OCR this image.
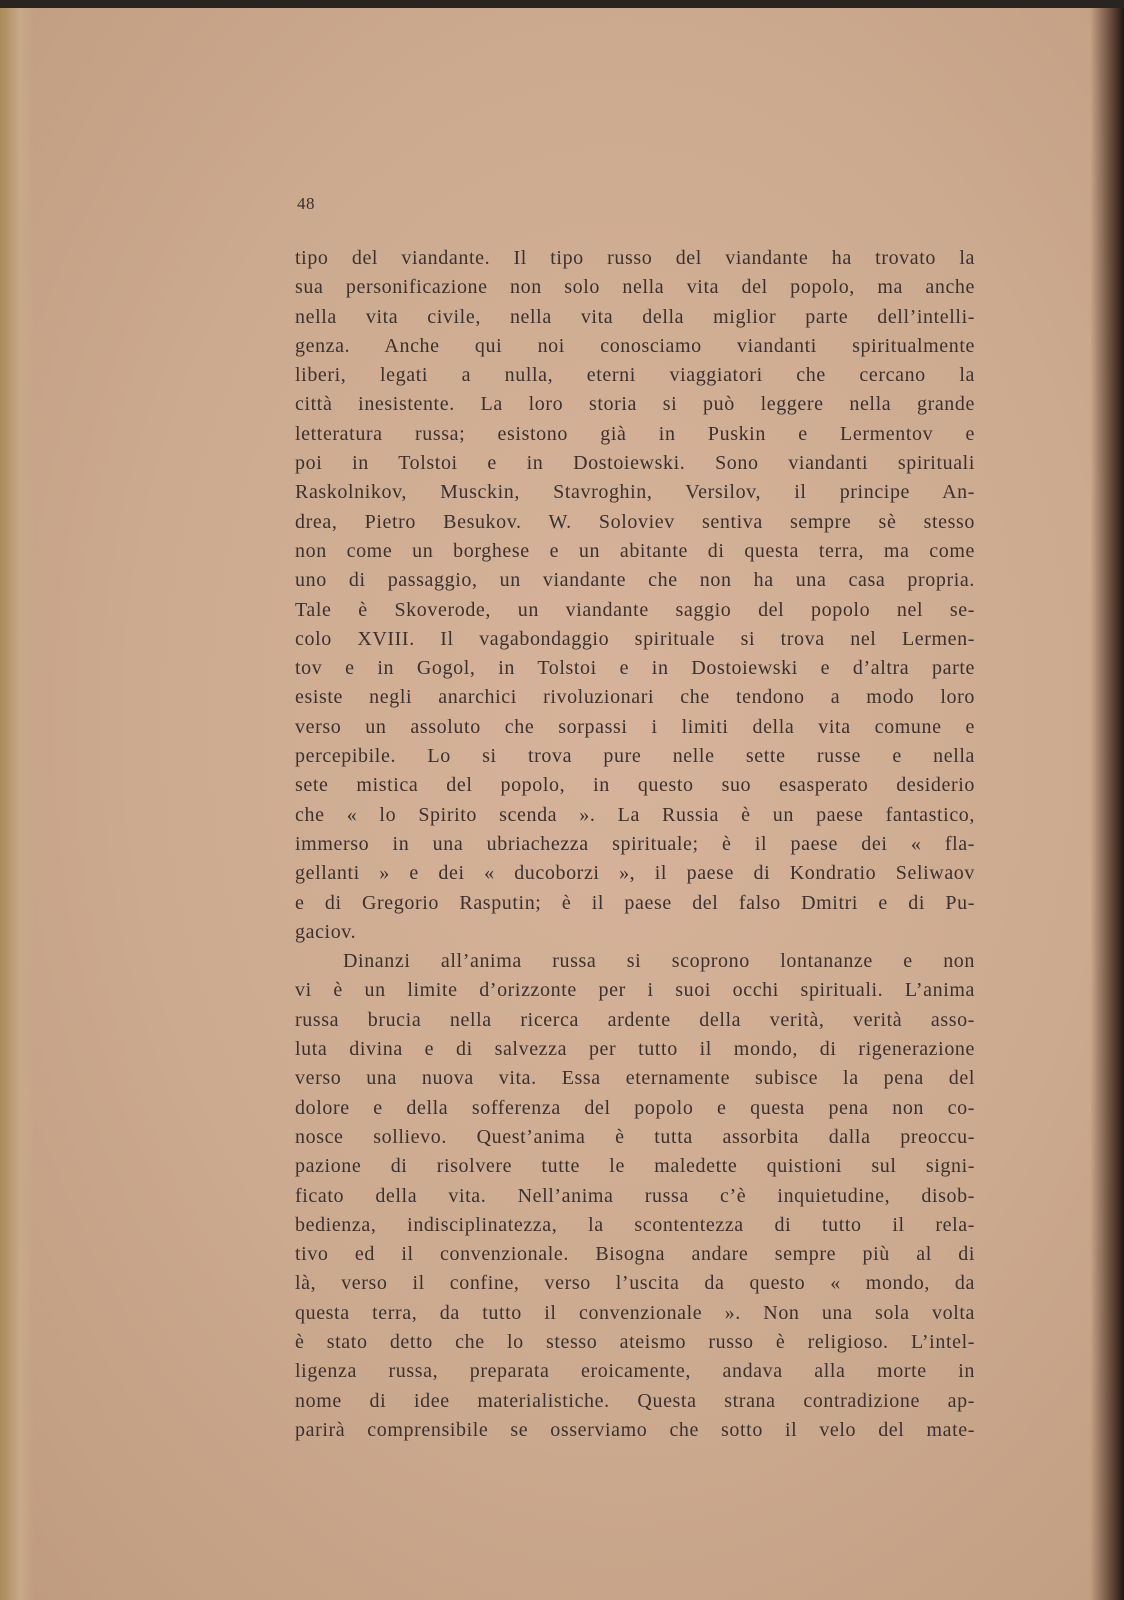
48
tipo del viandante. Il tipo russo del viandante ha trovato la
sua personificazione non solo nella vita del popolo, ma anche
nella vita civile, nella vita della miglior parte dell’intelli-
genza. Anche qui noi conosciamo viandanti spiritualmente
liberi, legati a nulla, eterni viaggiatori che cercano la
città inesistente. La loro storia si può leggere nella grande
letteratura russa; esistono già in Puskin e Lermentov e
poi in Tolstoi e in Dostoiewski. Sono viandanti spirituali
Raskolnikov, Musckin, Stavroghin, Versilov, il principe An-
drea, Pietro Besukov. W. Soloviev sentiva sempre sè stesso
non come un borghese e un abitante di questa terra, ma come
uno di passaggio, un viandante che non ha una casa propria.
Tale è Skoverode, un viandante saggio del popolo nel se-
colo XVIII. Il vagabondaggio spirituale si trova nel Lermen-
tov e in Gogol, in Tolstoi e in Dostoiewski e d’altra parte
esiste negli anarchici rivoluzionari che tendono a modo loro
verso un assoluto che sorpassi i limiti della vita comune e
percepibile. Lo si trova pure nelle sette russe e nella
sete mistica del popolo, in questo suo esasperato desiderio
che « lo Spirito scenda ». La Russia è un paese fantastico,
immerso in una ubriachezza spirituale; è il paese dei « fla-
gellanti » e dei « ducoborzi », il paese di Kondratio Seliwaov
e di Gregorio Rasputin; è il paese del falso Dmitri e di Pu-
gaciov.
Dinanzi all’anima russa si scoprono lontananze e non
vi è un limite d’orizzonte per i suoi occhi spirituali. L’anima
russa brucia nella ricerca ardente della verità, verità asso-
luta divina e di salvezza per tutto il mondo, di rigenerazione
verso una nuova vita. Essa eternamente subisce la pena del
dolore e della sofferenza del popolo e questa pena non co-
nosce sollievo. Quest’anima è tutta assorbita dalla preoccu-
pazione di risolvere tutte le maledette quistioni sul signi-
ficato della vita. Nell’anima russa c’è inquietudine, disob-
bedienza, indisciplinatezza, la scontentezza di tutto il rela-
tivo ed il convenzionale. Bisogna andare sempre più al di
là, verso il confine, verso l’uscita da questo « mondo, da
questa terra, da tutto il convenzionale ». Non una sola volta
è stato detto che lo stesso ateismo russo è religioso. L’intel-
ligenza russa, preparata eroicamente, andava alla morte in
nome di idee materialistiche. Questa strana contradizione ap-
parirà comprensibile se osserviamo che sotto il velo del mate-
